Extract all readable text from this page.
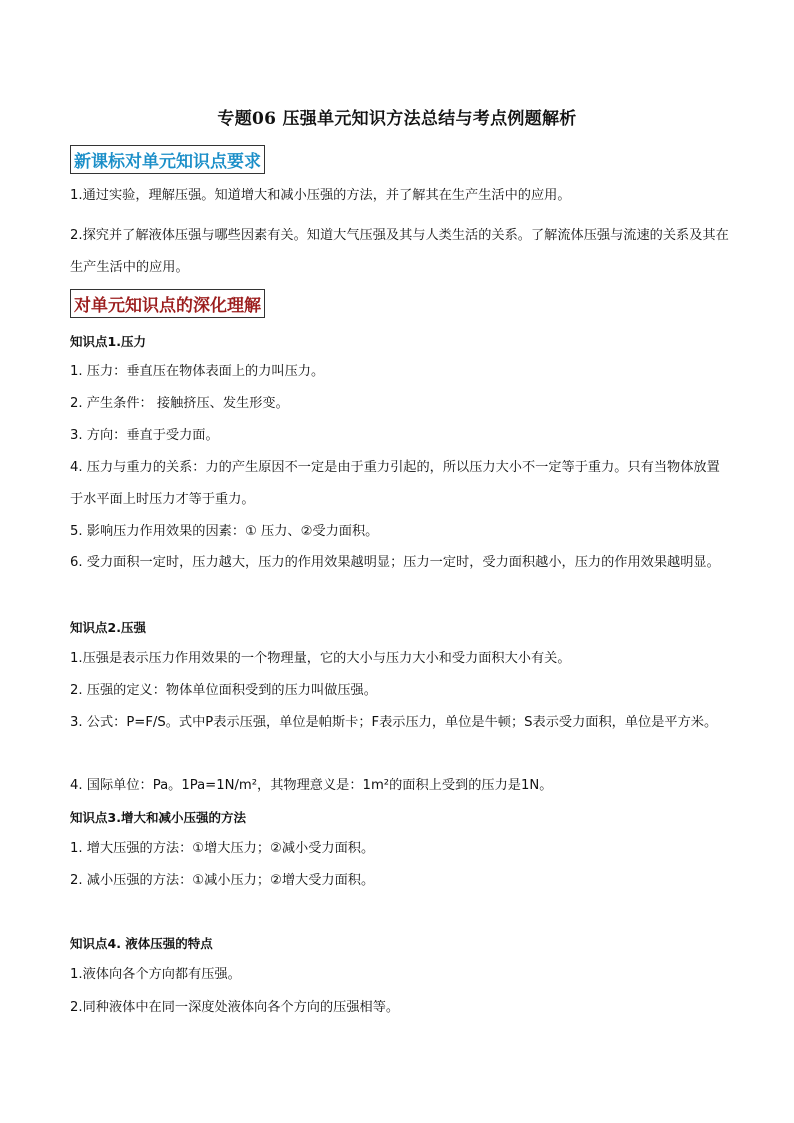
专题06 压强单元知识方法总结与考点例题解析
新课标对单元知识点要求
1.通过实验，理解压强。知道增大和减小压强的方法，并了解其在生产生活中的应用。
2.探究并了解液体压强与哪些因素有关。知道大气压强及其与人类生活的关系。了解流体压强与流速的关系及其在生产生活中的应用。
对单元知识点的深化理解
知识点1.压力
1. 压力：垂直压在物体表面上的力叫压力。
2. 产生条件： 接触挤压、发生形变。
3. 方向：垂直于受力面。
4. 压力与重力的关系：力的产生原因不一定是由于重力引起的，所以压力大小不一定等于重力。只有当物体放置于水平面上时压力才等于重力。
5. 影响压力作用效果的因素：① 压力、②受力面积。
6. 受力面积一定时，压力越大，压力的作用效果越明显；压力一定时，受力面积越小，压力的作用效果越明显。
知识点2.压强
1.压强是表示压力作用效果的一个物理量，它的大小与压力大小和受力面积大小有关。
2. 压强的定义：物体单位面积受到的压力叫做压强。
3. 公式：P=F/S。式中P表示压强，单位是帕斯卡；F表示压力，单位是牛顿；S表示受力面积，单位是平方米。
4. 国际单位：Pa。1Pa=1N/m²，其物理意义是：1m²的面积上受到的压力是1N。
知识点3.增大和减小压强的方法
1. 增大压强的方法：①增大压力；②减小受力面积。
2. 减小压强的方法：①减小压力；②增大受力面积。
知识点4. 液体压强的特点
1.液体向各个方向都有压强。
2.同种液体中在同一深度处液体向各个方向的压强相等。
